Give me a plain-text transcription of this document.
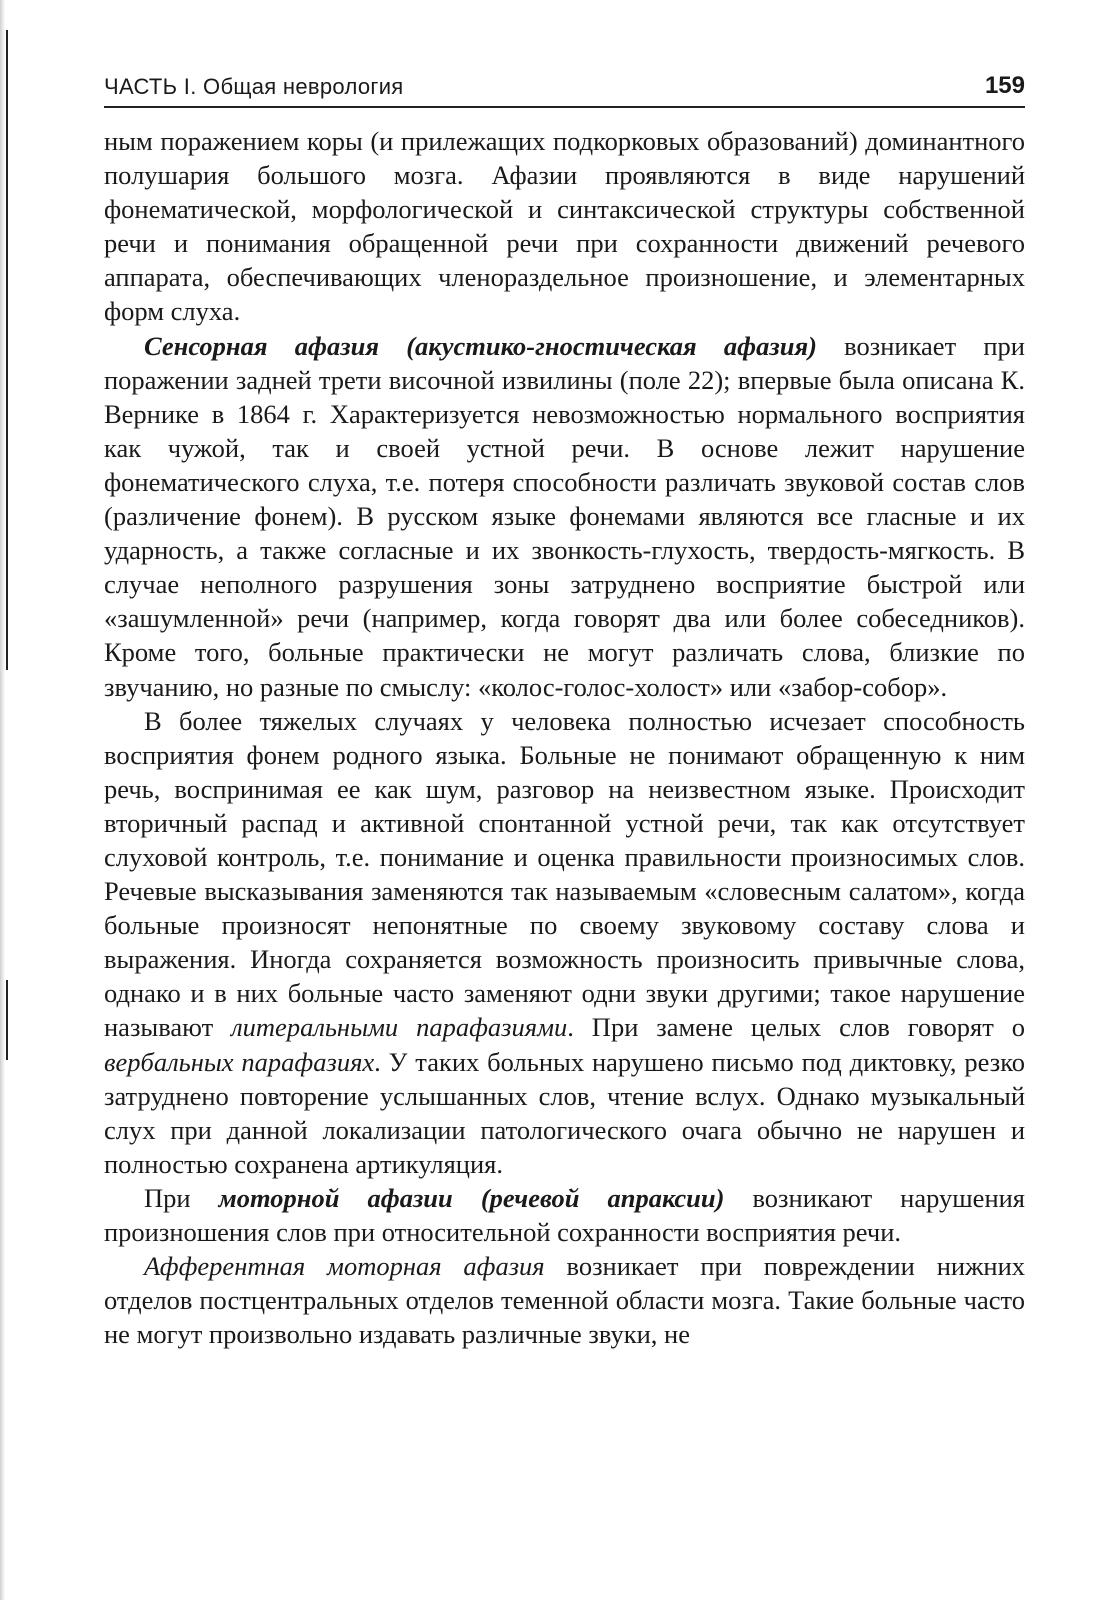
ЧАСТЬ I. Общая неврология	159

ным поражением коры (и прилежащих подкорковых образований) доминантного полушария большого мозга. Афазии проявляются в виде нарушений фонематической, морфологической и синтаксической структуры собственной речи и понимания обращенной речи при сохранности движений речевого аппарата, обеспечивающих членораздельное произношение, и элементарных форм слуха.

Сенсорная афазия (акустико-гностическая афазия) возникает при поражении задней трети височной извилины (поле 22); впервые была описана К. Вернике в 1864 г. Характеризуется невозможностью нормального восприятия как чужой, так и своей устной речи. В основе лежит нарушение фонематического слуха, т.е. потеря способности различать звуковой состав слов (различение фонем). В русском языке фонемами являются все гласные и их ударность, а также согласные и их звонкость-глухость, твердость-мягкость. В случае неполного разрушения зоны затруднено восприятие быстрой или «зашумленной» речи (например, когда говорят два или более собеседников). Кроме того, больные практически не могут различать слова, близкие по звучанию, но разные по смыслу: «колос-голос-холост» или «забор-собор».

В более тяжелых случаях у человека полностью исчезает способность восприятия фонем родного языка. Больные не понимают обращенную к ним речь, воспринимая ее как шум, разговор на неизвестном языке. Происходит вторичный распад и активной спонтанной устной речи, так как отсутствует слуховой контроль, т.е. понимание и оценка правильности произносимых слов. Речевые высказывания заменяются так называемым «словесным салатом», когда больные произносят непонятные по своему звуковому составу слова и выражения. Иногда сохраняется возможность произносить привычные слова, однако и в них больные часто заменяют одни звуки другими; такое нарушение называют литеральными парафазиями. При замене целых слов говорят о вербальных парафазиях. У таких больных нарушено письмо под диктовку, резко затруднено повторение услышанных слов, чтение вслух. Однако музыкальный слух при данной локализации патологического очага обычно не нарушен и полностью сохранена артикуляция.

При моторной афазии (речевой апраксии) возникают нарушения произношения слов при относительной сохранности восприятия речи.

Афферентная моторная афазия возникает при повреждении нижних отделов постцентральных отделов теменной области мозга. Такие больные часто не могут произвольно издавать различные звуки, не
